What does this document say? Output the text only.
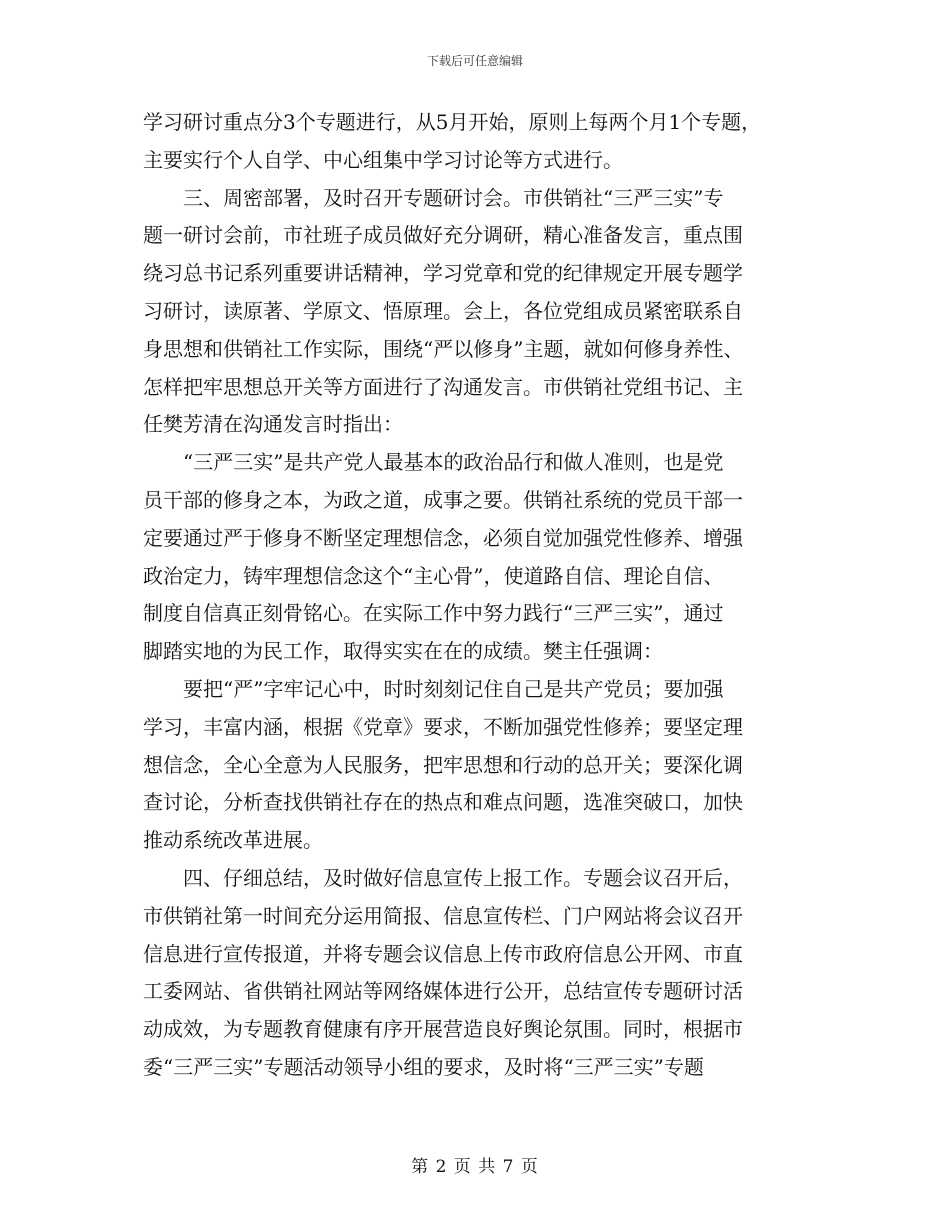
下载后可任意编辑
学习研讨重点分3个专题进行，从5月开始，原则上每两个月1个专题，
主要实行个人自学、中心组集中学习讨论等方式进行。
　　三、周密部署，及时召开专题研讨会。市供销社“三严三实”专
题一研讨会前，市社班子成员做好充分调研，精心准备发言，重点围
绕习总书记系列重要讲话精神，学习党章和党的纪律规定开展专题学
习研讨，读原著、学原文、悟原理。会上，各位党组成员紧密联系自
身思想和供销社工作实际，围绕“严以修身”主题，就如何修身养性、
怎样把牢思想总开关等方面进行了沟通发言。市供销社党组书记、主
任樊芳清在沟通发言时指出：
　　“三严三实”是共产党人最基本的政治品行和做人准则，也是党
员干部的修身之本，为政之道，成事之要。供销社系统的党员干部一
定要通过严于修身不断坚定理想信念，必须自觉加强党性修养、增强
政治定力，铸牢理想信念这个“主心骨”，使道路自信、理论自信、
制度自信真正刻骨铭心。在实际工作中努力践行“三严三实”，通过
脚踏实地的为民工作，取得实实在在的成绩。樊主任强调：
　　要把“严”字牢记心中，时时刻刻记住自己是共产党员；要加强
学习，丰富内涵，根据《党章》要求，不断加强党性修养；要坚定理
想信念，全心全意为人民服务，把牢思想和行动的总开关；要深化调
查讨论，分析查找供销社存在的热点和难点问题，选准突破口，加快
推动系统改革进展。
　　四、仔细总结，及时做好信息宣传上报工作。专题会议召开后，
市供销社第一时间充分运用简报、信息宣传栏、门户网站将会议召开
信息进行宣传报道，并将专题会议信息上传市政府信息公开网、市直
工委网站、省供销社网站等网络媒体进行公开，总结宣传专题研讨活
动成效，为专题教育健康有序开展营造良好舆论氛围。同时，根据市
委“三严三实”专题活动领导小组的要求，及时将“三严三实”专题
第 2 页 共 7 页
